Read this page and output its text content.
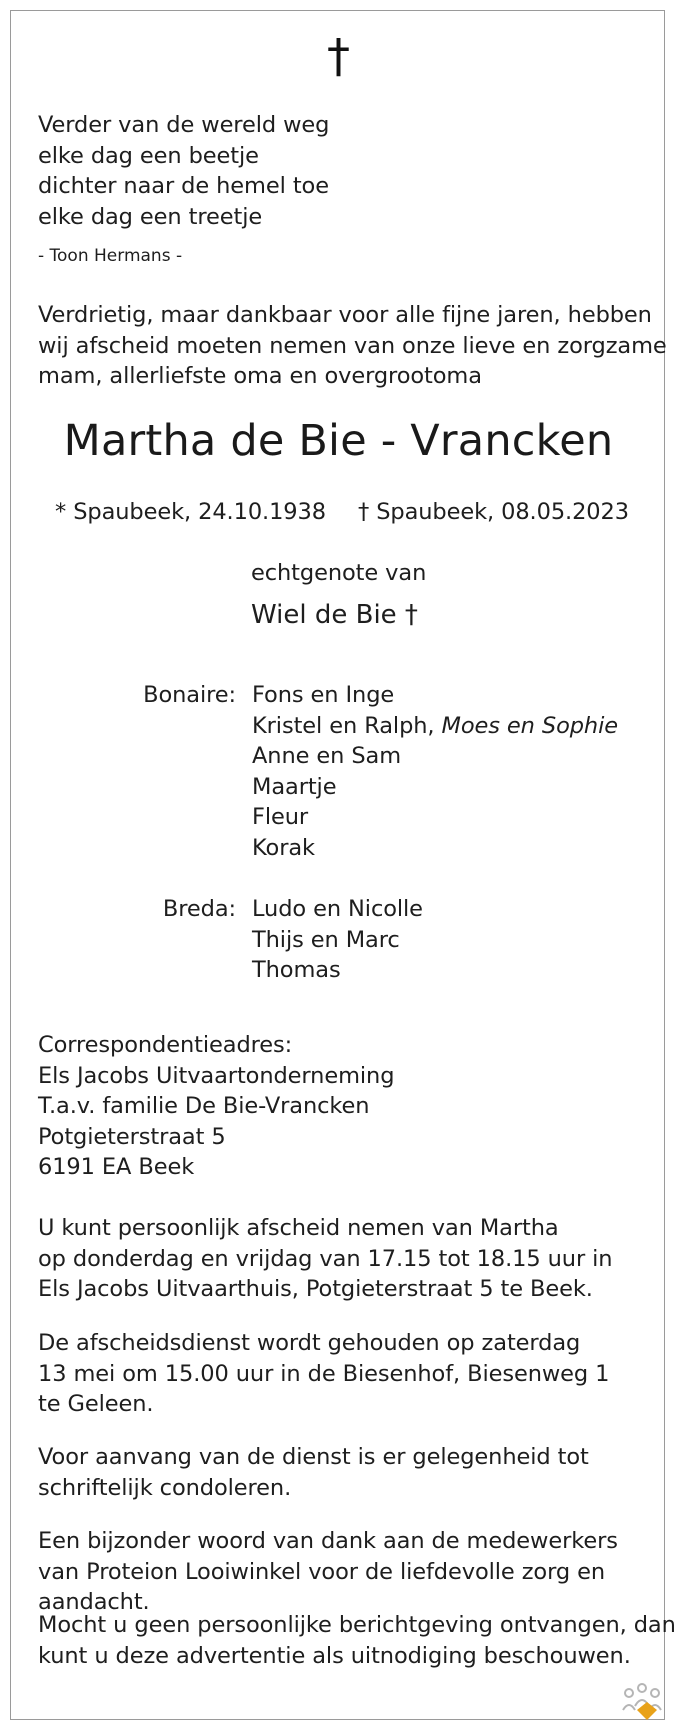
†
Verder van de wereld weg
elke dag een beetje
dichter naar de hemel toe
elke dag een treetje
- Toon Hermans -
Verdrietig, maar dankbaar voor alle fijne jaren, hebben
wij afscheid moeten nemen van onze lieve en zorgzame
mam, allerliefste oma en overgrootoma
Martha de Bie - Vrancken
* Spaubeek, 24.10.1938 † Spaubeek, 08.05.2023
echtgenote van
Wiel de Bie †
Bonaire: Fons en Inge
Kristel en Ralph, Moes en Sophie
Anne en Sam
Maartje
Fleur
Korak
Breda: Ludo en Nicolle
Thijs en Marc
Thomas
Correspondentieadres:
Els Jacobs Uitvaartonderneming
T.a.v. familie De Bie-Vrancken
Potgieterstraat 5
6191 EA Beek
U kunt persoonlijk afscheid nemen van Martha
op donderdag en vrijdag van 17.15 tot 18.15 uur in
Els Jacobs Uitvaarthuis, Potgieterstraat 5 te Beek.
De afscheidsdienst wordt gehouden op zaterdag
13 mei om 15.00 uur in de Biesenhof, Biesenweg 1
te Geleen.
Voor aanvang van de dienst is er gelegenheid tot
schriftelijk condoleren.
Een bijzonder woord van dank aan de medewerkers
van Proteion Looiwinkel voor de liefdevolle zorg en
aandacht.
Mocht u geen persoonlijke berichtgeving ontvangen, dan
kunt u deze advertentie als uitnodiging beschouwen.
